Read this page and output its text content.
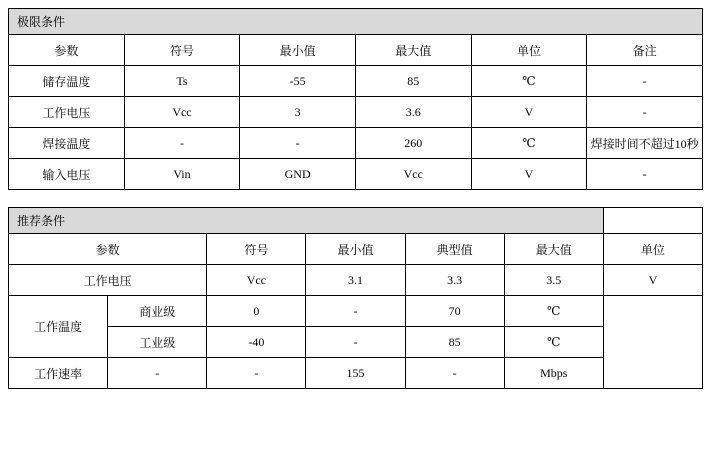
极限条件					
参数	符号	最小值	最大值	单位	备注
储存温度	Ts	-55	85	℃	-
工作电压	Vcc	3	3.6	V	-
焊接温度	-	-	260	℃	焊接时间不超过10秒
输入电压	Vin	GND	Vcc	V	-
推荐条件						
参数		符号	最小值	典型值	最大值	单位
工作电压		Vcc	3.1	3.3	3.5	V
工作温度	商业级	0	-	70	℃	
	工业级	-40	-	85	℃	
工作速率	-	-	155	-	Mbps	
